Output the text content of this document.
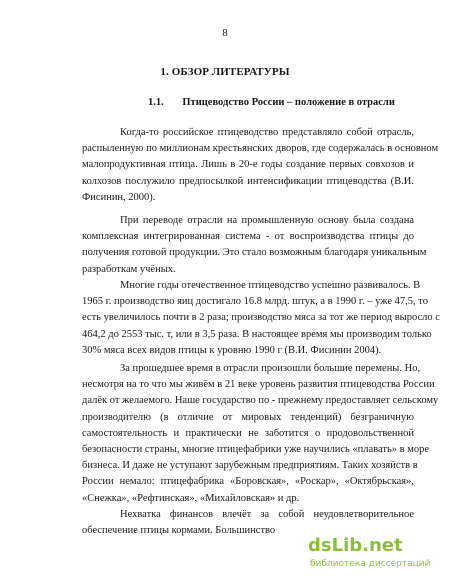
8
1. ОБЗОР ЛИТЕРАТУРЫ
1.1. Птицеводство России – положение в отрасли
Когда-то российское птицеводство представляло собой отрасль,
распыленную по миллионам крестьянских дворов, где содержалась в основном
малопродуктивная птица. Лишь в 20-е годы создание первых совхозов и
колхозов послужило предпосылкой интенсификации птицеводства (В.И.
Фисинин, 2000).
При переводе отрасли на промышленную основу была создана
комплексная интегрированная система - от воспроизводства птицы до
получения готовой продукции. Это стало возможным благодаря уникальным
разработкам учёных.
Многие годы отечественное птицеводство успешно развивалось. В
1965 г. производство яиц достигало 16.8 млрд. штук, а в 1990 г. – уже 47,5, то
есть увеличилось почти в 2 раза; производство мяса за тот же период выросло с
464,2 до 2553 тыс. т, или в 3,5 раза. В настоящее время мы производим только
30% мяса всех видов птицы к уровню 1990 г (В.И. Фисинин 2004).
За прошедшее время в отрасли произошли большие перемены. Но,
несмотря на то что мы живём в 21 веке уровень развития птицеводства России
далёк от желаемого. Наше государство по - прежнему предоставляет сельскому
производителю (в отличие от мировых тенденций) безграничную
самостоятельность и практически не заботится о продовольственной
безопасности страны, многие птицефабрики уже научились «плавать» в море
бизнеса. И даже не уступают зарубежным предприятиям. Таких хозяйств в
России немало: птицефабрика «Боровская», «Роскар», «Октябрьская»,
«Снежка», «Рефтинская», «Михайловская» и др.
Нехватка финансов влечёт за собой неудовлетворительное
обеспечение птицы кормами. Большинство
dsLib.net
библиотека диссертаций
